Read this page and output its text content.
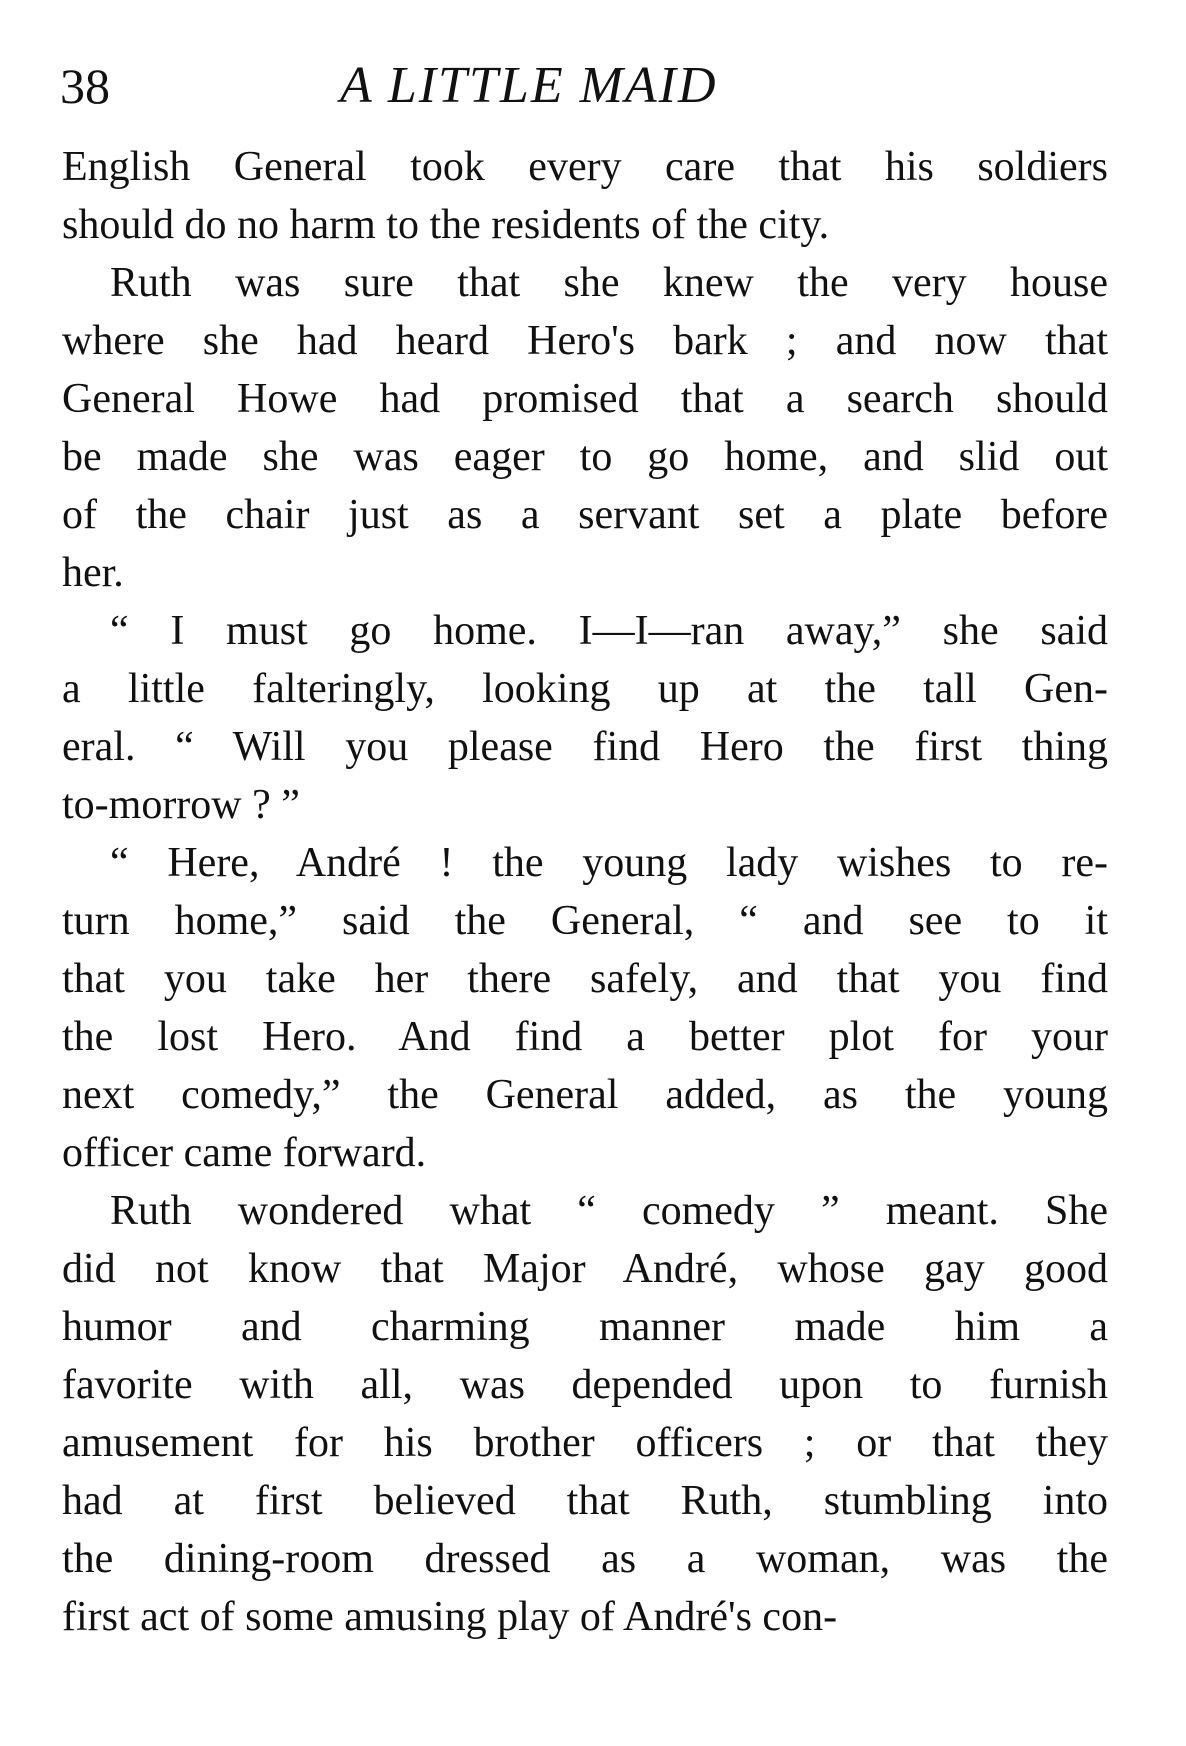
38	A LITTLE MAID
English General took every care that his soldiers
should do no harm to the residents of the city.
Ruth was sure that she knew the very house
where she had heard Hero's bark ; and now that
General Howe had promised that a search should
be made she was eager to go home, and slid out
of the chair just as a servant set a plate before
her.
“ I must go home. I—I—ran away,” she said
a little falteringly, looking up at the tall Gen-
eral. “ Will you please find Hero the first thing
to-morrow ? ”
“ Here, André ! the young lady wishes to re-
turn home,” said the General, “ and see to it
that you take her there safely, and that you find
the lost Hero. And find a better plot for your
next comedy,” the General added, as the young
officer came forward.
Ruth wondered what “ comedy ” meant. She
did not know that Major André, whose gay good
humor and charming manner made him a
favorite with all, was depended upon to furnish
amusement for his brother officers ; or that they
had at first believed that Ruth, stumbling into
the dining-room dressed as a woman, was the
first act of some amusing play of André's con-
